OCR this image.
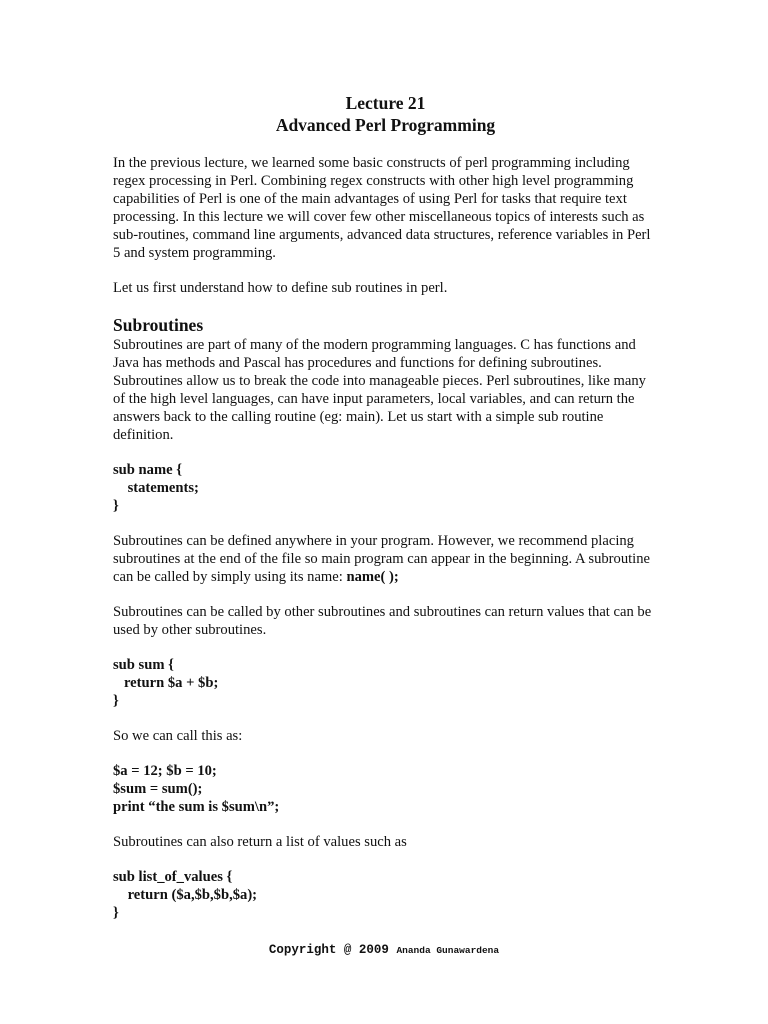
Lecture 21
Advanced Perl Programming

In the previous lecture, we learned some basic constructs of perl programming including regex processing in Perl. Combining regex constructs with other high level programming capabilities of Perl is one of the main advantages of using Perl for tasks that require text processing. In this lecture we will cover few other miscellaneous topics of interests such as sub-routines, command line arguments, advanced data structures, reference variables in Perl 5 and system programming.

Let us first understand how to define sub routines in perl.

Subroutines

Subroutines are part of many of the modern programming languages. C has functions and Java has methods and Pascal has procedures and functions for defining subroutines. Subroutines allow us to break the code into manageable pieces. Perl subroutines, like many of the high level languages, can have input parameters, local variables, and can return the answers back to the calling routine (eg: main). Let us start with a simple sub routine definition.

sub name {
statements;
}

Subroutines can be defined anywhere in your program. However, we recommend placing subroutines at the end of the file so main program can appear in the beginning. A subroutine can be called by simply using its name: name( );

Subroutines can be called by other subroutines and subroutines can return values that can be used by other subroutines.

sub sum {
return $a + $b;
}

So we can call this as:

$a = 12; $b = 10;
$sum = sum();
print “the sum is $sum\n”;

Subroutines can also return a list of values such as

sub list_of_values {
return ($a,$b,$b,$a);
}
Copyright @ 2009 Ananda Gunawardena
